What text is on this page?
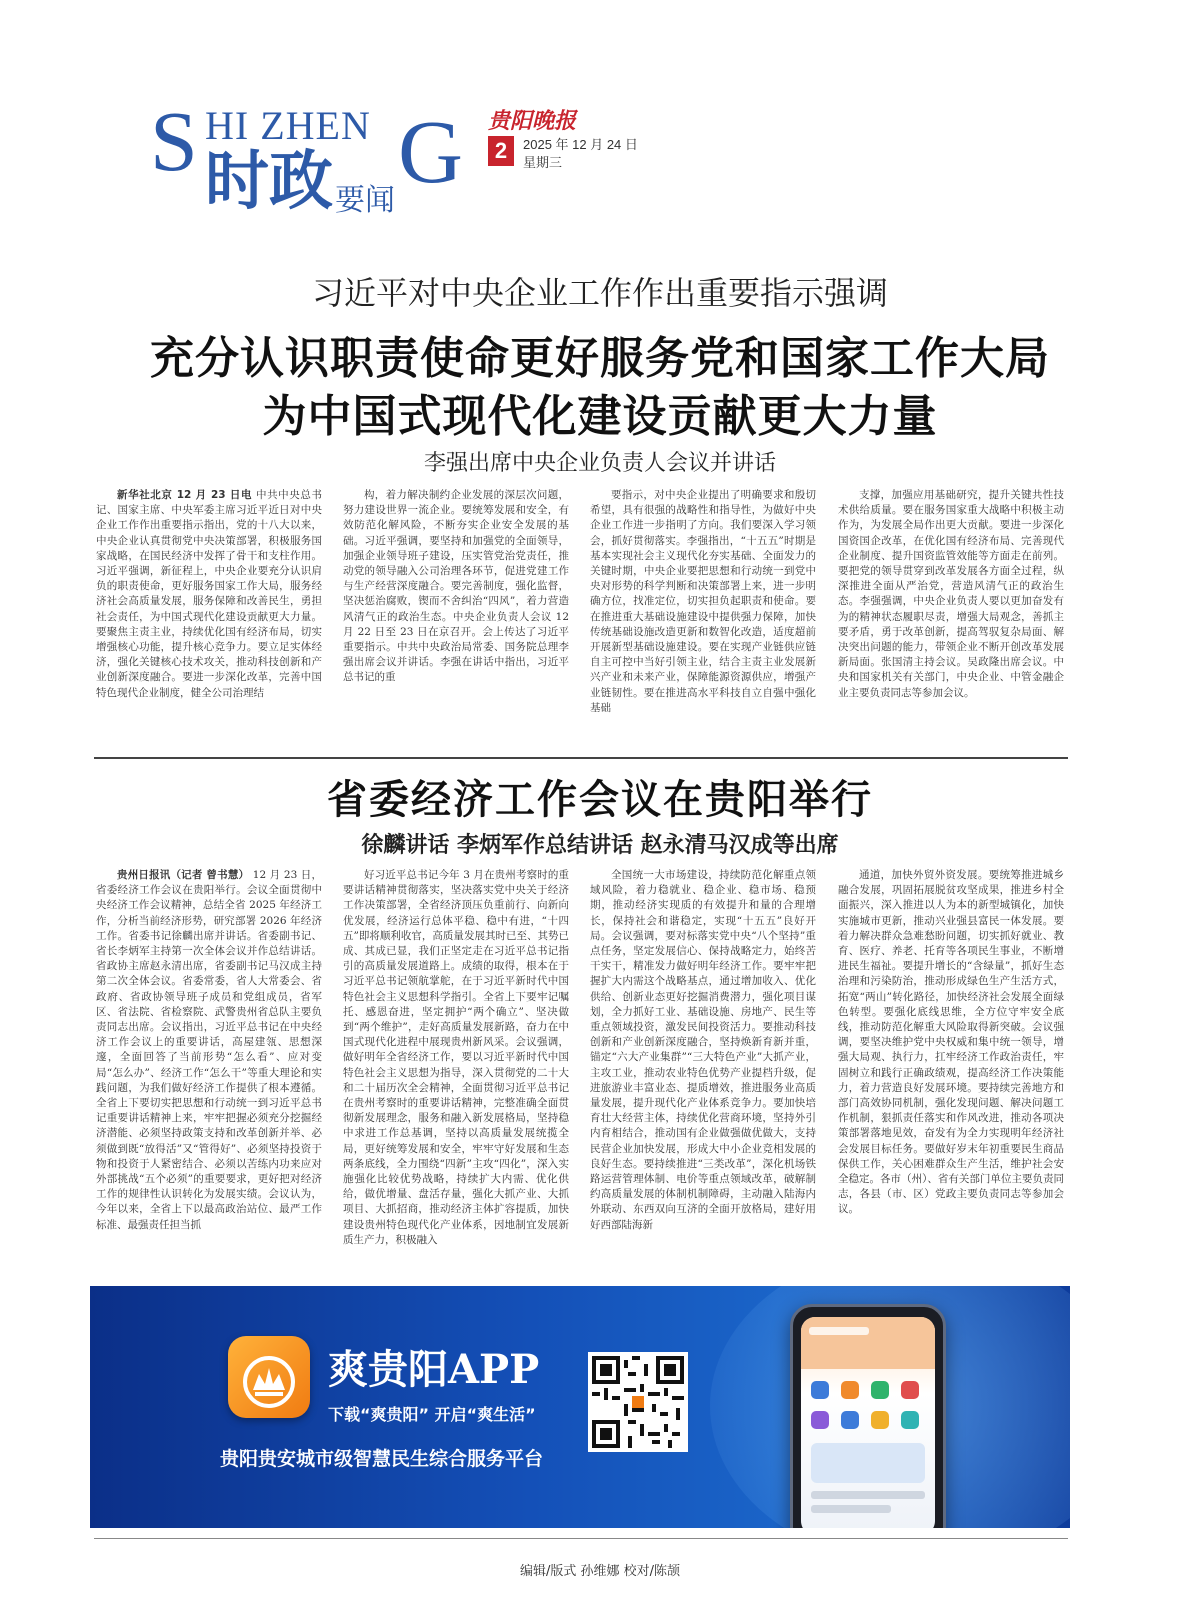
S HI ZHEN G
时政 要闻
贵阳晚报
2	2025 年 12 月 24 日
星期三
习近平对中央企业工作作出重要指示强调
充分认识职责使命更好服务党和国家工作大局
为中国式现代化建设贡献更大力量
李强出席中央企业负责人会议并讲话
新华社北京 12 月 23 日电 中共中央总书记、国家主席、中央军委主席习近平近日对中央企业工作作出重要指示指出，党的十八大以来，中央企业认真贯彻党中央决策部署，积极服务国家战略，在国民经济中发挥了骨干和支柱作用。习近平强调，新征程上，中央企业要充分认识肩负的职责使命，更好服务国家工作大局，服务经济社会高质量发展，服务保障和改善民生，勇担社会责任，为中国式现代化建设贡献更大力量。要聚焦主责主业，持续优化国有经济布局，切实增强核心功能，提升核心竞争力。要立足实体经济，强化关键核心技术攻关，推动科技创新和产业创新深度融合。要进一步深化改革，完善中国特色现代企业制度，健全公司治理结
构，着力解决制约企业发展的深层次问题，努力建设世界一流企业。要统筹发展和安全，有效防范化解风险，不断夯实企业安全发展的基础。习近平强调，要坚持和加强党的全面领导，加强企业领导班子建设，压实管党治党责任，推动党的领导融入公司治理各环节，促进党建工作与生产经营深度融合。要完善制度，强化监督，坚决惩治腐败，锲而不舍纠治“四风”，着力营造风清气正的政治生态。中央企业负责人会议 12 月 22 日至 23 日在京召开。会上传达了习近平重要指示。中共中央政治局常委、国务院总理李强出席会议并讲话。李强在讲话中指出，习近平总书记的重
要指示，对中央企业提出了明确要求和殷切希望，具有很强的战略性和指导性，为做好中央企业工作进一步指明了方向。我们要深入学习领会，抓好贯彻落实。李强指出，“十五五”时期是基本实现社会主义现代化夯实基础、全面发力的关键时期，中央企业要把思想和行动统一到党中央对形势的科学判断和决策部署上来，进一步明确方位，找准定位，切实担负起职责和使命。要在推进重大基础设施建设中提供强力保障，加快传统基础设施改造更新和数智化改造，适度超前开展新型基础设施建设。要在实现产业链供应链自主可控中当好引领主业，结合主责主业发展新兴产业和未来产业，保障能源资源供应，增强产业链韧性。要在推进高水平科技自立自强中强化基础
支撑，加强应用基础研究，提升关键共性技术供给质量。要在服务国家重大战略中积极主动作为，为发展全局作出更大贡献。要进一步深化国资国企改革，在优化国有经济布局、完善现代企业制度、提升国资监管效能等方面走在前列。要把党的领导贯穿到改革发展各方面全过程，纵深推进全面从严治党，营造风清气正的政治生态。李强强调，中央企业负责人要以更加奋发有为的精神状态履职尽责，增强大局观念，善抓主要矛盾，勇于改革创新，提高驾驭复杂局面、解决突出问题的能力，带领企业不断开创改革发展新局面。张国清主持会议。吴政隆出席会议。中央和国家机关有关部门，中央企业、中管金融企业主要负责同志等参加会议。
省委经济工作会议在贵阳举行
徐麟讲话 李炳军作总结讲话 赵永清马汉成等出席
贵州日报讯（记者 曾书慧） 12 月 23 日，省委经济工作会议在贵阳举行。会议全面贯彻中央经济工作会议精神，总结全省 2025 年经济工作，分析当前经济形势，研究部署 2026 年经济工作。省委书记徐麟出席并讲话。省委副书记、省长李炳军主持第一次全体会议并作总结讲话。省政协主席赵永清出席，省委副书记马汉成主持第二次全体会议。省委常委，省人大常委会、省政府、省政协领导班子成员和党组成员，省军区、省法院、省检察院、武警贵州省总队主要负责同志出席。会议指出，习近平总书记在中央经济工作会议上的重要讲话，高屋建瓴、思想深邃，全面回答了当前形势“怎么看”、应对变局“怎么办”、经济工作“怎么干”等重大理论和实践问题，为我们做好经济工作提供了根本遵循。全省上下要切实把思想和行动统一到习近平总书记重要讲话精神上来，牢牢把握必须充分挖掘经济潜能、必须坚持政策支持和改革创新并举、必须做到既“放得活”又“管得好”、必须坚持投资于物和投资于人紧密结合、必须以苦练内功来应对外部挑战“五个必须”的重要要求，更好把对经济工作的规律性认识转化为发展实绩。会议认为，今年以来，全省上下以最高政治站位、最严工作标准、最强责任担当抓
好习近平总书记今年 3 月在贵州考察时的重要讲话精神贯彻落实，坚决落实党中央关于经济工作决策部署，全省经济顶压负重前行、向新向优发展，经济运行总体平稳、稳中有进，“十四五”即将顺利收官，高质量发展其时已至、其势已成、其成已显，我们正坚定走在习近平总书记指引的高质量发展道路上。成绩的取得，根本在于习近平总书记领航掌舵，在于习近平新时代中国特色社会主义思想科学指引。全省上下要牢记嘱托、感恩奋进，坚定拥护“两个确立”、坚决做到“两个维护”，走好高质量发展新路，奋力在中国式现代化进程中展现贵州新风采。会议强调，做好明年全省经济工作，要以习近平新时代中国特色社会主义思想为指导，深入贯彻党的二十大和二十届历次全会精神，全面贯彻习近平总书记在贵州考察时的重要讲话精神，完整准确全面贯彻新发展理念，服务和融入新发展格局，坚持稳中求进工作总基调，坚持以高质量发展统揽全局，更好统筹发展和安全，牢牢守好发展和生态两条底线，全力围绕“四新”主攻“四化”，深入实施强化比较优势战略，持续扩大内需、优化供给，做优增量、盘活存量，强化大抓产业、大抓项目、大抓招商，推动经济主体扩容提质，加快建设贵州特色现代化产业体系，因地制宜发展新质生产力，积极融入
全国统一大市场建设，持续防范化解重点领域风险，着力稳就业、稳企业、稳市场、稳预期，推动经济实现质的有效提升和量的合理增长，保持社会和谐稳定，实现“十五五”良好开局。会议强调，要对标落实党中央“八个坚持”重点任务，坚定发展信心、保持战略定力，始终苦干实干，精准发力做好明年经济工作。要牢牢把握扩大内需这个战略基点，通过增加收入、优化供给、创新业态更好挖掘消费潜力，强化项目谋划，全力抓好工业、基础设施、房地产、民生等重点领域投资，激发民间投资活力。要推动科技创新和产业创新深度融合，坚持焕新育新并重，锚定“六大产业集群”“三大特色产业”大抓产业，主攻工业，推动农业特色优势产业提档升级，促进旅游业丰富业态、提质增效，推进服务业高质量发展，提升现代化产业体系竞争力。要加快培育壮大经营主体，持续优化营商环境，坚持外引内育相结合，推动国有企业做强做优做大，支持民营企业加快发展，形成大中小企业竞相发展的良好生态。要持续推进“三类改革”，深化机场铁路运营管理体制、电价等重点领域改革，破解制约高质量发展的体制机制障碍，主动融入陆海内外联动、东西双向互济的全面开放格局，建好用好西部陆海新
通道，加快外贸外资发展。要统筹推进城乡融合发展，巩固拓展脱贫攻坚成果，推进乡村全面振兴，深入推进以人为本的新型城镇化，加快实施城市更新，推动兴业强县富民一体发展。要着力解决群众急难愁盼问题，切实抓好就业、教育、医疗、养老、托育等各项民生事业，不断增进民生福祉。要提升增长的“含绿量”，抓好生态治理和污染防治，推动形成绿色生产生活方式，拓宽“两山”转化路径，加快经济社会发展全面绿色转型。要强化底线思维，全方位守牢安全底线，推动防范化解重大风险取得新突破。会议强调，要坚决维护党中央权威和集中统一领导，增强大局观、执行力，扛牢经济工作政治责任，牢固树立和践行正确政绩观，提高经济工作决策能力，着力营造良好发展环境。要持续完善地方和部门高效协同机制，强化发现问题、解决问题工作机制，狠抓责任落实和作风改进，推动各项决策部署落地见效，奋发有为全力实现明年经济社会发展目标任务。要做好岁末年初重要民生商品保供工作，关心困难群众生产生活，维护社会安全稳定。各市（州）、省有关部门单位主要负责同志，各县（市、区）党政主要负责同志等参加会议。
爽贵阳APP
下载“爽贵阳” 开启“爽生活”
贵阳贵安城市级智慧民生综合服务平台
编辑/版式 孙维娜 校对/陈颉
